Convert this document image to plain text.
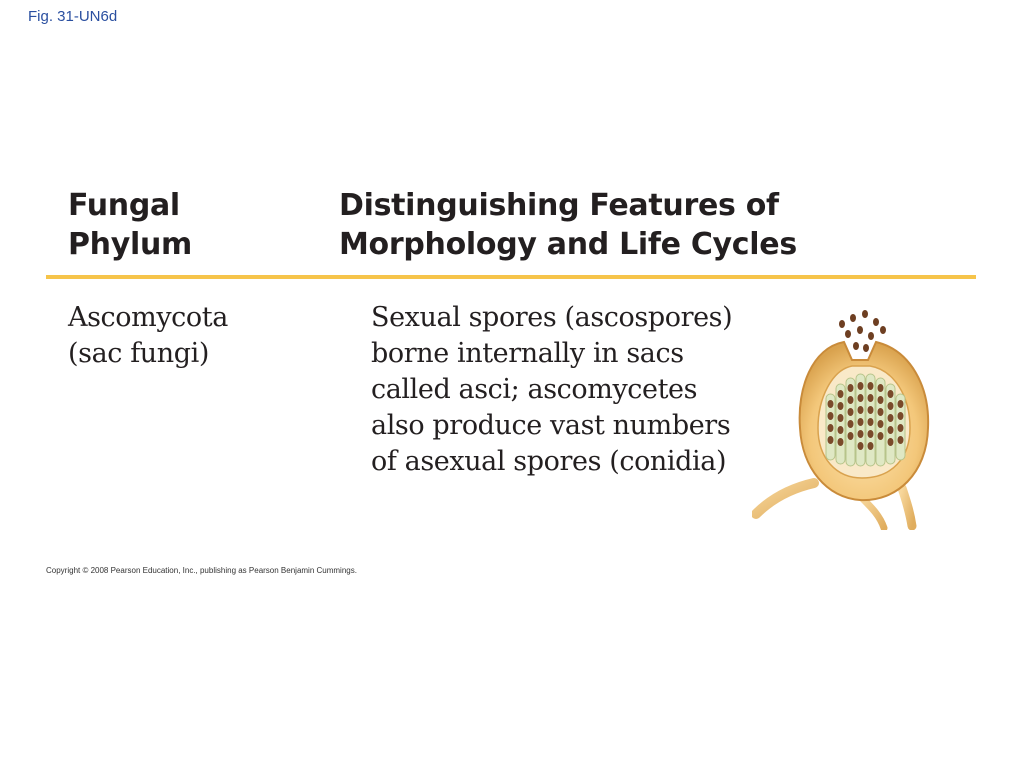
Fig. 31-UN6d
Fungal
Phylum
Distinguishing Features of
Morphology and Life Cycles
Ascomycota
(sac fungi)
Sexual spores (ascospores)
borne internally in sacs
called asci; ascomycetes
also produce vast numbers
of asexual spores (conidia)
Copyright © 2008 Pearson Education, Inc., publishing as Pearson Benjamin Cummings.
